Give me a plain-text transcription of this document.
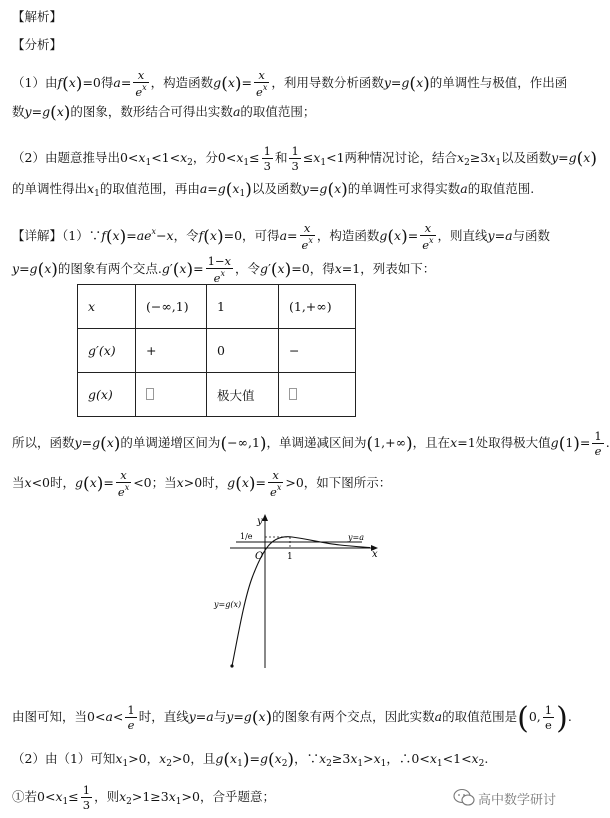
【解析】
【分析】
（1）由f(x)=0得$a= \frac{x}{e^x}$ ，构造函数$g(x)= \frac{x}{e^x}$ ，利用导数分析函数y=g(x)的单调性与极值，作出函
数y=g(x)的图象，数形结合可得出实数a的取值范围；
（2）由题意推导出$0<x_1<1<x_2$，分$0<x_1\le \frac{1}{3}$ 和 $\frac{1}{3} \le x_1<1$两种情况讨论，结合$x_2\ge 3x_1$以及函数y=g(x)
的单调性得出$x_1$的取值范围，再由$a=g(x_1)$以及函数y=g(x)的单调性可求得实数a的取值范围.
【详解】$(1)\because f(x)=ae^x-x$，令f(x)=0，可得$a= \frac{x}{e^x}$ ，构造函数$g(x)= \frac{x}{e^x}$ ，则直线y=a与函数
y=g(x)的图象有两个交点$.g'(x)= \frac{1-x}{e^x}$ ，令g′(x)=0，得x=1，列表如下：
x	(−∞,1)	1	(1,+∞)
g′(x)	+	0	−
g(x)		极大值	
所以，函数y=g(x)的单调递增区间为(−∞,1)，单调递减区间为(1,+∞)，且在x=1处取得极大值$g(1)= \frac{1}{e}$ .
当x<0时，$g(x)= \frac{x}{e^x} <0$；当x>0时，$g(x)= \frac{x}{e^x} >0$，如下图所示：
y
x
O	1
1/e	y=a
y=g(x)
由图可知，当$0<a< \frac{1}{e}$ 时，直线y=a与y=g(x)的图象有两个交点，因此实数a的取值范围是(0, $\frac{1}{e}$ ).
（2）由（1）可知$x_1>0$，$x_2>0$，且$g(x_1)=g(x_2)$，$\because x_2\ge 3x_1>x_1$，$\therefore 0<x_1<1<x_2$.
①若$0<x_1\le \frac{1}{3}$ ，则$x_2>1\ge 3x_1>0$，合乎题意；	高中数学研讨
